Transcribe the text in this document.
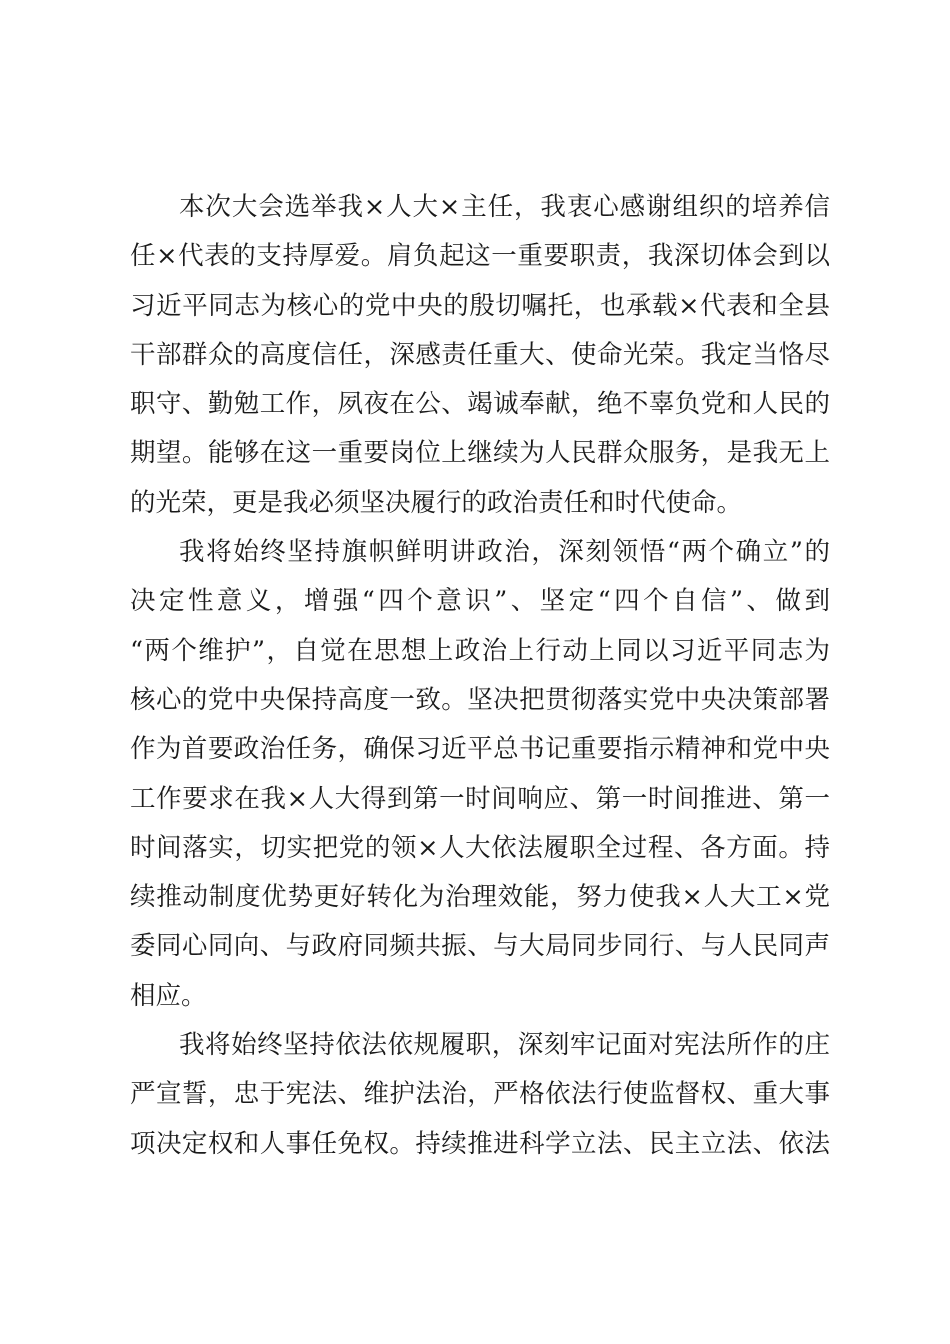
本次大会选举我×人大×主任，我衷心感谢组织的培养信
任×代表的支持厚爱。肩负起这一重要职责，我深切体会到以
习近平同志为核心的党中央的殷切嘱托，也承载×代表和全县
干部群众的高度信任，深感责任重大、使命光荣。我定当恪尽
职守、勤勉工作，夙夜在公、竭诚奉献，绝不辜负党和人民的
期望。能够在这一重要岗位上继续为人民群众服务，是我无上
的光荣，更是我必须坚决履行的政治责任和时代使命。

我将始终坚持旗帜鲜明讲政治，深刻领悟“两个确立”的
决定性意义，增强“四个意识”、坚定“四个自信”、做到
“两个维护”，自觉在思想上政治上行动上同以习近平同志为
核心的党中央保持高度一致。坚决把贯彻落实党中央决策部署
作为首要政治任务，确保习近平总书记重要指示精神和党中央
工作要求在我×人大得到第一时间响应、第一时间推进、第一
时间落实，切实把党的领×人大依法履职全过程、各方面。持
续推动制度优势更好转化为治理效能，努力使我×人大工×党
委同心同向、与政府同频共振、与大局同步同行、与人民同声
相应。

我将始终坚持依法依规履职，深刻牢记面对宪法所作的庄
严宣誓，忠于宪法、维护法治，严格依法行使监督权、重大事
项决定权和人事任免权。持续推进科学立法、民主立法、依法
